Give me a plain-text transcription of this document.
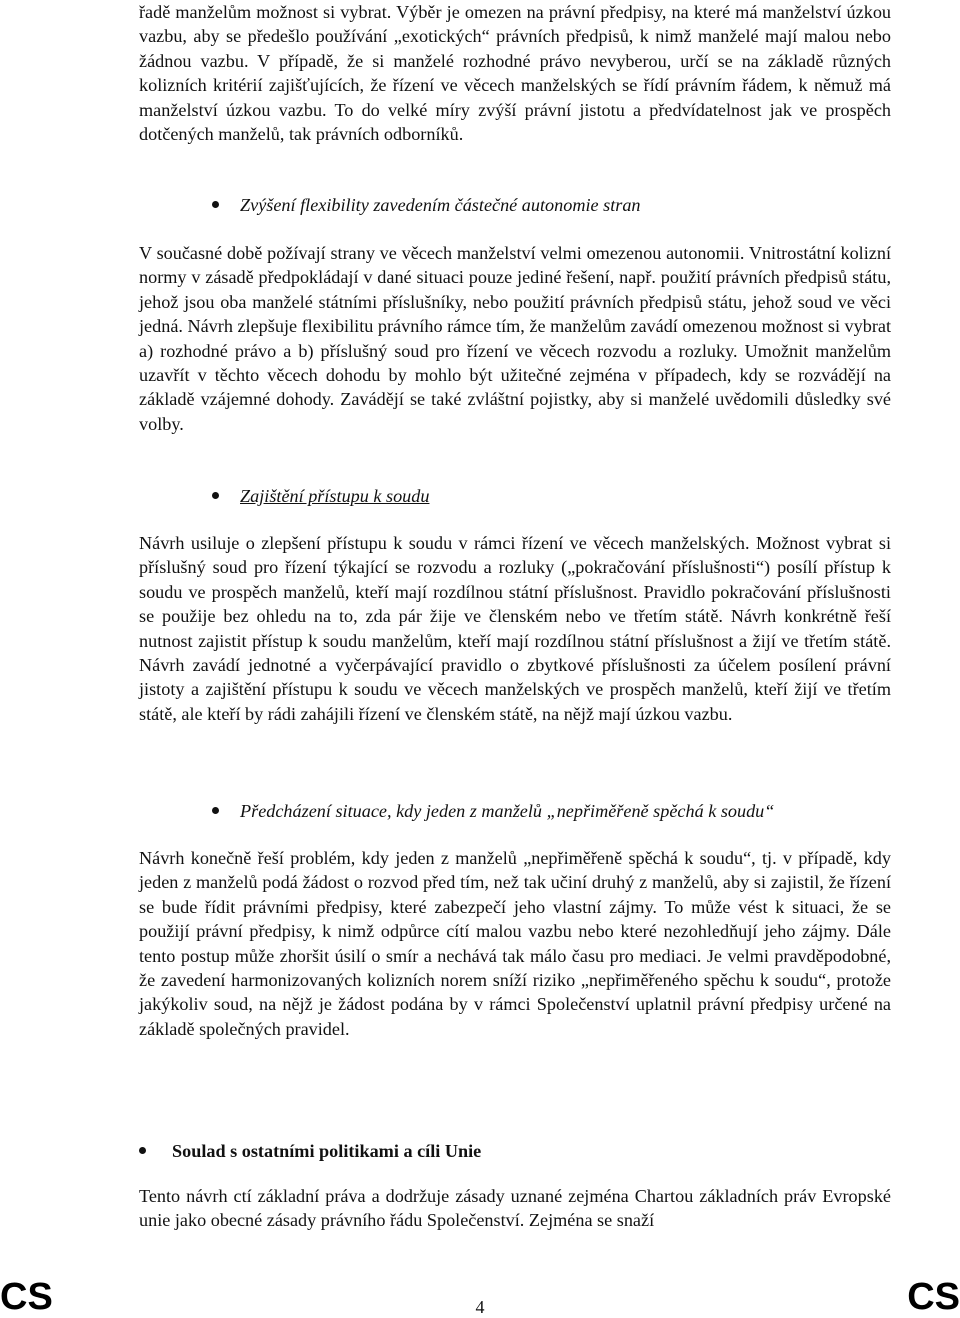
řadě manželům možnost si vybrat. Výběr je omezen na právní předpisy, na které má manželství úzkou vazbu, aby se předešlo používání „exotických“ právních předpisů, k nimž manželé mají malou nebo žádnou vazbu. V případě, že si manželé rozhodné právo nevyberou, určí se na základě různých kolizních kritérií zajišťujících, že řízení ve věcech manželských se řídí právním řádem, k němuž má manželství úzkou vazbu. To do velké míry zvýší právní jistotu a předvídatelnost jak ve prospěch dotčených manželů, tak právních odborníků.

Zvýšení flexibility zavedením částečné autonomie stran

V současné době požívají strany ve věcech manželství velmi omezenou autonomii. Vnitrostátní kolizní normy v zásadě předpokládají v dané situaci pouze jediné řešení, např. použití právních předpisů státu, jehož jsou oba manželé státními příslušníky, nebo použití právních předpisů státu, jehož soud ve věci jedná. Návrh zlepšuje flexibilitu právního rámce tím, že manželům zavádí omezenou možnost si vybrat a) rozhodné právo a b) příslušný soud pro řízení ve věcech rozvodu a rozluky. Umožnit manželům uzavřít v těchto věcech dohodu by mohlo být užitečné zejména v případech, kdy se rozvádějí na základě vzájemné dohody. Zavádějí se také zvláštní pojistky, aby si manželé uvědomili důsledky své volby.

Zajištění přístupu k soudu

Návrh usiluje o zlepšení přístupu k soudu v rámci řízení ve věcech manželských. Možnost vybrat si příslušný soud pro řízení týkající se rozvodu a rozluky („pokračování příslušnosti“) posílí přístup k soudu ve prospěch manželů, kteří mají rozdílnou státní příslušnost. Pravidlo pokračování příslušnosti se použije bez ohledu na to, zda pár žije ve členském nebo ve třetím státě. Návrh konkrétně řeší nutnost zajistit přístup k soudu manželům, kteří mají rozdílnou státní příslušnost a žijí ve třetím státě. Návrh zavádí jednotné a vyčerpávající pravidlo o zbytkové příslušnosti za účelem posílení právní jistoty a zajištění přístupu k soudu ve věcech manželských ve prospěch manželů, kteří žijí ve třetím státě, ale kteří by rádi zahájili řízení ve členském státě, na nějž mají úzkou vazbu.

Předcházení situace, kdy jeden z manželů „nepřiměřeně spěchá k soudu“

Návrh konečně řeší problém, kdy jeden z manželů „nepřiměřeně spěchá k soudu“, tj. v případě, kdy jeden z manželů podá žádost o rozvod před tím, než tak učiní druhý z manželů, aby si zajistil, že řízení se bude řídit právními předpisy, které zabezpečí jeho vlastní zájmy. To může vést k situaci, že se použijí právní předpisy, k nimž odpůrce cítí malou vazbu nebo které nezohledňují jeho zájmy. Dále tento postup může zhoršit úsilí o smír a nechává tak málo času pro mediaci. Je velmi pravděpodobné, že zavedení harmonizovaných kolizních norem sníží riziko „nepřiměřeného spěchu k soudu“, protože jakýkoliv soud, na nějž je žádost podána by v rámci Společenství uplatnil právní předpisy určené na základě společných pravidel.

Soulad s ostatními politikami a cíli Unie

Tento návrh ctí základní práva a dodržuje zásady uznané zejména Chartou základních práv Evropské unie jako obecné zásady právního řádu Společenství. Zejména se snaží

CS	4	CS
